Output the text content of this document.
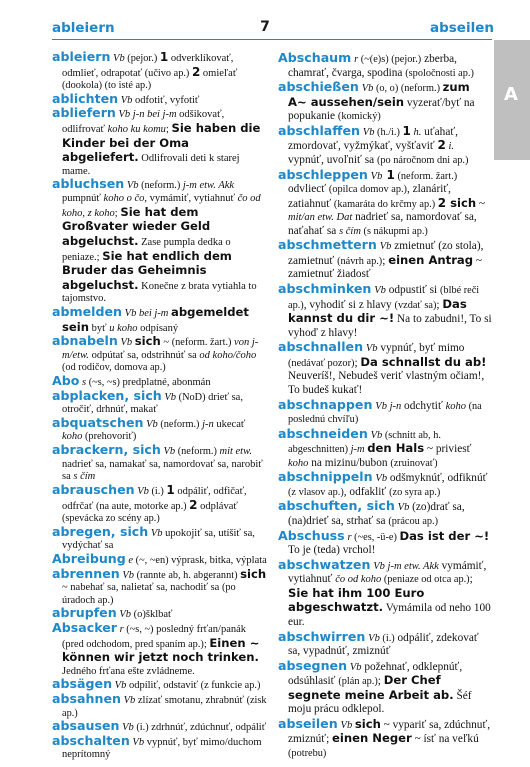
ableiern	7	abseilen
A
ableiern Vb (pejor.) 1 odverklíkovať, odmlieť, odrapotať (učivo ap.) 2 omieľať (dookola) (to isté ap.)
ablichten Vb odfotiť, vyfotiť
abliefern Vb j-n bei j-m odšikovať, odlifrovať koho ku komu; Sie haben die Kinder bei der Oma abgeliefert. Odlifrovali deti k starej mame.
abluchsen Vb (neform.) j-m etw. Akk pumpnúť koho o čo, vymámiť, vytiahnuť čo od koho, z koho; Sie hat dem Großvater wieder Geld abgeluchst. Zase pumpla dedka o peniaze.; Sie hat endlich dem Bruder das Geheimnis abgeluchst. Konečne z brata vytiahla to tajomstvo.
abmelden Vb bei j-m abgemeldet sein byť u koho odpísaný
abnabeln Vb sich ~ (neform. žart.) von j-m/etw. odpútať sa, odstrihnúť sa od koho/čoho (od rodičov, domova ap.)
Abo s (~s, ~s) predplatné, abonmán
abplacken, sich Vb (NoD) drieť sa, otročiť, drhnúť, makať
abquatschen Vb (neform.) j-n ukecať koho (prehovoriť)
abrackern, sich Vb (neform.) mit etw. nadrieť sa, namakať sa, namordovať sa, narobiť sa s čím
abrauschen Vb (i.) 1 odpáliť, odfičať, odfrčať (na aute, motorke ap.) 2 odplávať (spevácka zo scény ap.)
abregen, sich Vb upokojiť sa, utíšiť sa, vydýchať sa
Abreibung e (~, ~en) výprask, bitka, výplata
abrennen Vb (rannte ab, h. abgerannt) sich ~ nabehať sa, nalietať sa, nachodiť sa (po úradoch ap.)
abrupfen Vb (o)šklbať
Absacker r (~s, ~) posledný frťan/panák (pred odchodom, pred spaním ap.); Einen ~ können wir jetzt noch trinken. Jedného frťana ešte zvládneme.
absägen Vb odpíliť, odstaviť (z funkcie ap.)
absahnen Vb zlízať smotanu, zhrabnúť (zisk ap.)
absausen Vb (i.) zdrhnúť, zdúchnuť, odpáliť
abschalten Vb vypnúť, byť mimo/duchom neprítomný
Abschaum r (~(e)s) (pejor.) zberba, chamrať, čvarga, spodina (spoločnosti ap.)
abschießen Vb (o, o) (neform.) zum A~ aussehen/sein vyzerať/byť na popukanie (komický)
abschlaffen Vb (h./i.) 1 h. uťahať, zmordovať, vyžmýkať, vyšťaviť 2 i. vypnúť, uvoľniť sa (po náročnom dni ap.)
abschleppen Vb 1 (neform. žart.) odvliecť (opilca domov ap.), zlanáriť, zatiahnuť (kamaráta do krčmy ap.) 2 sich ~ mit/an etw. Dat nadrieť sa, namordovať sa, naťahať sa s čím (s nákupmi ap.)
abschmettern Vb zmietnuť (zo stola), zamietnuť (návrh ap.); einen Antrag ~ zamietnuť žiadosť
abschminken Vb odpustiť si (blbé reči ap.), vyhodiť si z hlavy (vzdať sa); Das kannst du dir ~! Na to zabudni!, To si vyhoď z hlavy!
abschnallen Vb vypnúť, byť mimo (nedávať pozor); Da schnallst du ab! Neuveríš!, Nebudeš veriť vlastným očiam!, To budeš kukať!
abschnappen Vb j-n odchytiť koho (na poslednú chvíľu)
abschneiden Vb (schnitt ab, h. abgeschnitten) j-m den Hals ~ priviesť koho na mizinu/bubon (zruinovať)
abschnippeln Vb odšmyknúť, odfiknúť (z vlasov ap.), odfakliť (zo syra ap.)
abschuften, sich Vb (zo)drať sa, (na)drieť sa, strhať sa (prácou ap.)
Abschuss r (~es, -ü-e) Das ist der ~! To je (teda) vrchol!
abschwatzen Vb j-m etw. Akk vymámiť, vytiahnuť čo od koho (peniaze od otca ap.); Sie hat ihm 100 Euro abgeschwatzt. Vymámila od neho 100 eur.
abschwirren Vb (i.) odpáliť, zdekovať sa, vypadnúť, zmiznúť
absegnen Vb požehnať, odklepnúť, odsúhlasiť (plán ap.); Der Chef segnete meine Arbeit ab. Šéf moju prácu odklepol.
abseilen Vb sich ~ vypariť sa, zdúchnuť, zmiznúť; einen Neger ~ ísť na veľkú (potrebu)
